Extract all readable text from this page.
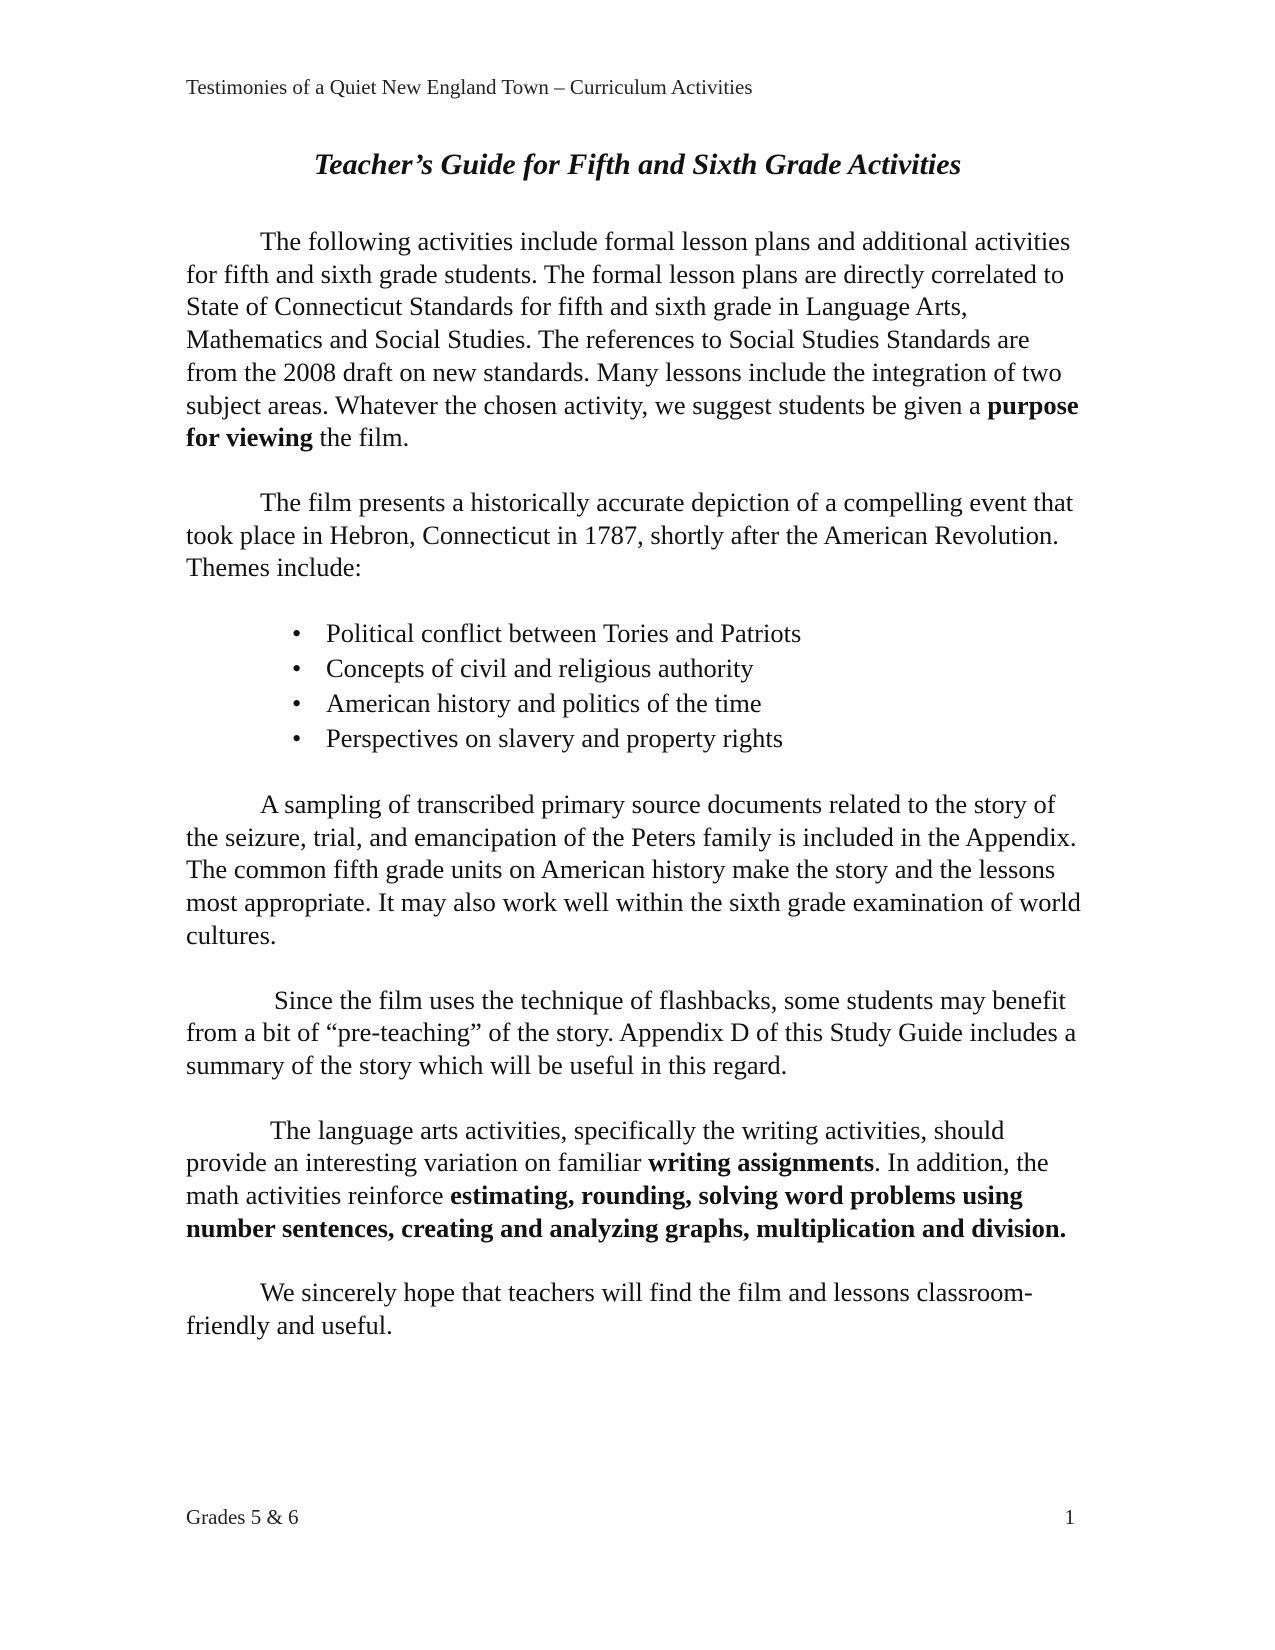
Testimonies of a Quiet New England Town – Curriculum Activities
Teacher’s Guide for Fifth and Sixth Grade Activities

The following activities include formal lesson plans and additional activities for fifth and sixth grade students. The formal lesson plans are directly correlated to State of Connecticut Standards for fifth and sixth grade in Language Arts, Mathematics and Social Studies. The references to Social Studies Standards are from the 2008 draft on new standards. Many lessons include the integration of two subject areas. Whatever the chosen activity, we suggest students be given a purpose for viewing the film.

The film presents a historically accurate depiction of a compelling event that took place in Hebron, Connecticut in 1787, shortly after the American Revolution. Themes include:

• Political conflict between Tories and Patriots
• Concepts of civil and religious authority
• American history and politics of the time
• Perspectives on slavery and property rights

A sampling of transcribed primary source documents related to the story of the seizure, trial, and emancipation of the Peters family is included in the Appendix. The common fifth grade units on American history make the story and the lessons most appropriate. It may also work well within the sixth grade examination of world cultures.

Since the film uses the technique of flashbacks, some students may benefit from a bit of “pre-teaching” of the story. Appendix D of this Study Guide includes a summary of the story which will be useful in this regard.

The language arts activities, specifically the writing activities, should provide an interesting variation on familiar writing assignments. In addition, the math activities reinforce estimating, rounding, solving word problems using number sentences, creating and analyzing graphs, multiplication and division.

We sincerely hope that teachers will find the film and lessons classroom-friendly and useful.

Grades 5 & 6	1
